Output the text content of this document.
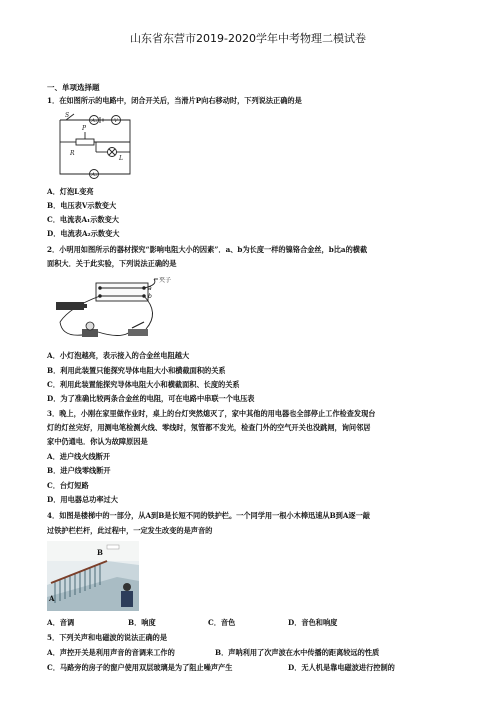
山东省东营市2019-2020学年中考物理二模试卷
一、单项选择题
1．在如图所示的电路中，闭合开关后，当滑片P向右移动时，下列说法正确的是
S
P
R
A₁	V
L
A₂
A．灯泡L变亮
B．电压表V示数变大
C．电流表A₁示数变大
D．电流表A₂示数变大
2．小明用如图所示的器材探究“影响电阻大小的因素”．a、b为长度一样的镍铬合金丝，b比a的横截
面积大．关于此实验，下列说法正确的是
夹子
a
b
A．小灯泡越亮，表示接入的合金丝电阻越大
B．利用此装置只能探究导体电阻大小和横截面积的关系
C．利用此装置能探究导体电阻大小和横截面积、长度的关系
D．为了准确比较两条合金丝的电阻，可在电路中串联一个电压表
3．晚上，小刚在家里做作业时，桌上的台灯突然熄灭了，家中其他的用电器也全部停止工作检查发现台
灯的灯丝完好，用测电笔检测火线、零线时，氖管都不发光，检查门外的空气开关也没跳闸，询问邻居
家中仍通电．你认为故障原因是
A．进户线火线断开
B．进户线零线断开
C．台灯短路
D．用电器总功率过大
4．如图是楼梯中的一部分，从A到B是长短不同的铁护栏。一个同学用一根小木棒迅速从B到A逐一敲
过铁护栏栏杆，此过程中，一定发生改变的是声音的
A
B
A．音调	B．响度	C．音色	D．音色和响度
5．下列关声和电磁波的说法正确的是
A．声控开关是利用声音的音调来工作的	B．声呐利用了次声波在水中传播的距离较远的性质
C．马路旁的房子的窗户使用双层玻璃是为了阻止噪声产生	D．无人机是靠电磁波进行控制的
